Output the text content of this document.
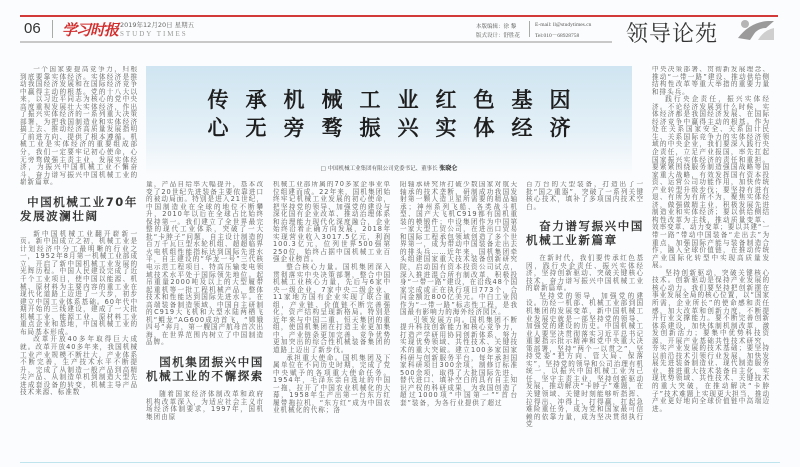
06 学习时报 2019年12月20日 星期五
STUDY TIMES
本版编辑：徐 黎
版式设计：舒胜花
E-mail: ll@studytimes.cn
Tel:010－68928758 领导论苑
传承机械工业红色基因
心无旁骛振兴实体经济
□ 中国机械工业集团有限公司党委书记、董事长 张晓仑

一个国家要提高竞争力，归根到底要靠实体经济。实体经济是推动我国经济发展和在国际经济竞争中赢得主动的根基。党的十八大以来，以习近平同志为核心的党中央高度重视发展壮大实体经济，作出了振兴实体经济的一系列重大决策部署，为把我国制造业和实体经济搞上去、推动经济高质量发展指明了前进方向、提供了根本遵循。机械工业是实体经济的重要组成部分，我们一定要牢记初心使命，心无旁骛做强主责主业，发展实体经济，为振兴中国机械工业不懈奋斗，奋力谱写振兴中国机械工业的崭新篇章。

中国机械工业70年
发展波澜壮阔

新中国机械工业翻开崭新一页。新中国成立之初，机械工业是计划经济中分工最明晰的行业之一，1952年8月第一机械工业部成立，开启了新中国机械工业发展的光辉历程。中国人民建设完成了近千个工业项目，使中国以能源、机械、原材料为主要内容的重工业在现代化道路上迈进了一大步，初步建立中国工业体系基础。60年代中期开始的三线建设，建成了一大批机械工业、能源工业、原材料工业重点企业和基地，中国机械工业的布局基本形成。

改革开放40多年取得巨大成就。改革开放40多年来，我国机械工业产业规模不断壮大，产业体系不断完善，生产技术水平不断提升，完成了从制造一般产品到高精尖产品、从制造单机到制造大型先进成套设备的转变，机械主导产品技术来源、标准数

量，产品自给率大幅提升，基本改变了20世纪先进装备主要依靠进口的被动局面。特别是进入21世纪，中国制造业在全球的地位不断攀升，2010年以后在全球占比始终保持第一。我们建立了全世界最完整的现代工业体系，突破了一大批“卡脖子”问题，自主设计制造的百万千瓦巨型水轮机组、超超临界火电机组性能指标达到国际先进水平，自主建设的“华龙一号”三代核电示范工程项目、特高压输变电领域技术水平处于国际领先地位。起吊重量2000吨及以上的大型履带起重机等一批工程机械产品，整体技术和性能达到国际先进水平。在高端装备制造领域，中国自主研制的C919大飞机和大型水陆两栖飞机“鲲龙”AG600成功首飞，“嫦娥四号”奔月，第一艘国产航母首次出海，在世界范围内树立了中国制造品牌。

国机集团振兴中国
机械工业的不懈探索

随着国家经济体制改革和政府机构改革深入，为适应社会主义市场经济体制要求，1997年，国机集团由原

机械工业部所属的70多家企事业单位组建而成。22年来，国机集团始终牢记机械工业发展的初心使命，把坚持党的领导、加强党的建设与深化国有企业改革、推动治理体系和治理能力现代化深度融合，企业始终沿着正确方向发展，2018年实现营业收入3017.5亿元，利润100.3亿元，位列世界500强第250位，始终占据中国机械工业百强企业榜首。

整合核心力量。国机集团深入贯彻落实中央决策部署，整合中国机械工业核心力量，先后与6家中央一级企业、7家中央二级企业、11家地方国有企业实现了联合重组，产业链、价值链不断完善强化，资产结构呈现新格局。特别是近年来与中国二重、恒天集团的重组，使国机集团在打造主业更加集中、产业链条更加完善、竞争优势更加突出的综合性机械装备集团的道路上迈出了新步伐。

承担重大使命。国机集团及下属单位在不同历史时期，完成了党中央赋予的各项重大使命任务。1954年，毛泽东亲自选址的中国一拖，拉开了中国农业机械化的大幕，1958年生产出第一台东方红履带拖拉机，“东方红”成为中国农业机械化的代称；洛

阳轴承研究所打破少数国家对航天轴承的技术垄断，研制成功我国发射第一颗人造卫星所需要的精品轴承；神州系列飞船、各类战斗机型、国产大飞机C919都有国机重装的模锻件；中设集团作为中国第一家大型工贸公司，在进出口贸易和国际工程承包领域创造了多个世界第一，成为带动中国装备走出去的排头兵……近年来，国机集团牵头组建国家重大技术装备创新研究院，启动国有资本投资公司试点，深入推进混合所有制改革，积极投身“一带一路”建设，在沿线48个国家完成或正在执行项目773个，合同金额近800亿美元。中白工业园作为“一带一路”标志性工程，是我国最有影响力的海外经济园区。

引领发展方向。国机集团不断提升科技创新能力和核心竞争力，打造产学研用协同创新体系，努力实现优势领域、共性技术、关键技术的重大突破。建立100多家国家科研与创新服务平台，每年承担国家科研项目300余项，制修订标准500余项，取得了大批国际先进、替代进口、填补空白的具有自主知识产权的科研成果，为我国创造了超过1000项“中国第一”“首台套”装备，为各行业提供了超过

百万台的大型装备，打造出了一批“国之重器”，突破了一系列关键核心技术，填补了多项国内技术空白。

奋力谱写振兴中国
机械工业新篇章

在新时代，我们要传承红色基因，践行央企责任、振兴实体经济，坚持创新驱动、突破关键核心技术，奋力谱写振兴中国机械工业的崭新篇章。

坚持党的领导，加强党的建设。历经一机部、机械工业部到国机集团的发展变革，新中国机械工业发展史就是一部坚持党的领导、加强党的建设的历史。中国机械工业人要坚决贯彻落实习近平总书记重要指示批示精神和党中央重大决策部署，坚持“两个一以贯之”，坚持党委“把方向、管大局、保落实”，坚持党的领导和公司治理有机统一，以振兴中国机械工业为己任，坚守主责主业，坚持创新驱动发展，推动解决“卡脖子”难题，在关键领域、关键时刻能够听指挥、拉得出、冲得上、打得赢，扛起急难险重任务，成为党和国家最可信赖的依靠力量，成为坚决贯彻执行党

中央决策部署、贯彻新发展理念、推动“一带一路”建设、推动供给侧结构性改革等重大举措的重要力量和排头兵。

践行央企责任，振兴实体经济。不论经济发展到什么时候，实体经济都是我国经济发展、在国际经济竞争中赢得主动的根基。作为处在关系国家安全、关系国计民生、关系国际竞争力的实体经济领域的中央企业，我们要深入践行央企责任，立足产业报国，率先扛起国家振兴实体经济的责任和重担。要紧紧围绕服务制造强国战略等国家重大战略，有效发挥国有资本投资、运营公司功能作用，加快传统产业转型升级步伐；要坚持有进有退、有所为有所不为，聚焦实体经济，做强做精主业，积极发展先进制造业和实体经济；要以供给侧结构性改革为主线，推动质量变革、效率变革、动力变革；要以共建“一带一路”带动中国装备“走出去”为重点，加强国际产能与装备制造合作，融入全球价值链，在推动传统产业国际化转型中实现高质量发展。

坚持创新驱动，突破关键核心技术。创新驱动是保持产业发展的核心动力。我们要坚持把创新摆在事业发展全局的核心位置，以“国家所需，企业所长”的使命感和责任感，加大改革和创新力度，不断提升行业支撑能力。要不断完善创新体系建设，加快体制机制改革，激发创新活力；要集中优势科技资源，开展产业基础共性技术研究，夯实产业发展的技术基础；要坚持以前沿技术引领行业发展，加快发展先进装备制造业、现代制造服务业，推进重大技术装备自主化，实现优势领域、共性技术、关键技术的重大突破，在推动解决“卡脖子”技术难题上实现更大担当，推动产业更好地向全球价值链中高端迈进。
